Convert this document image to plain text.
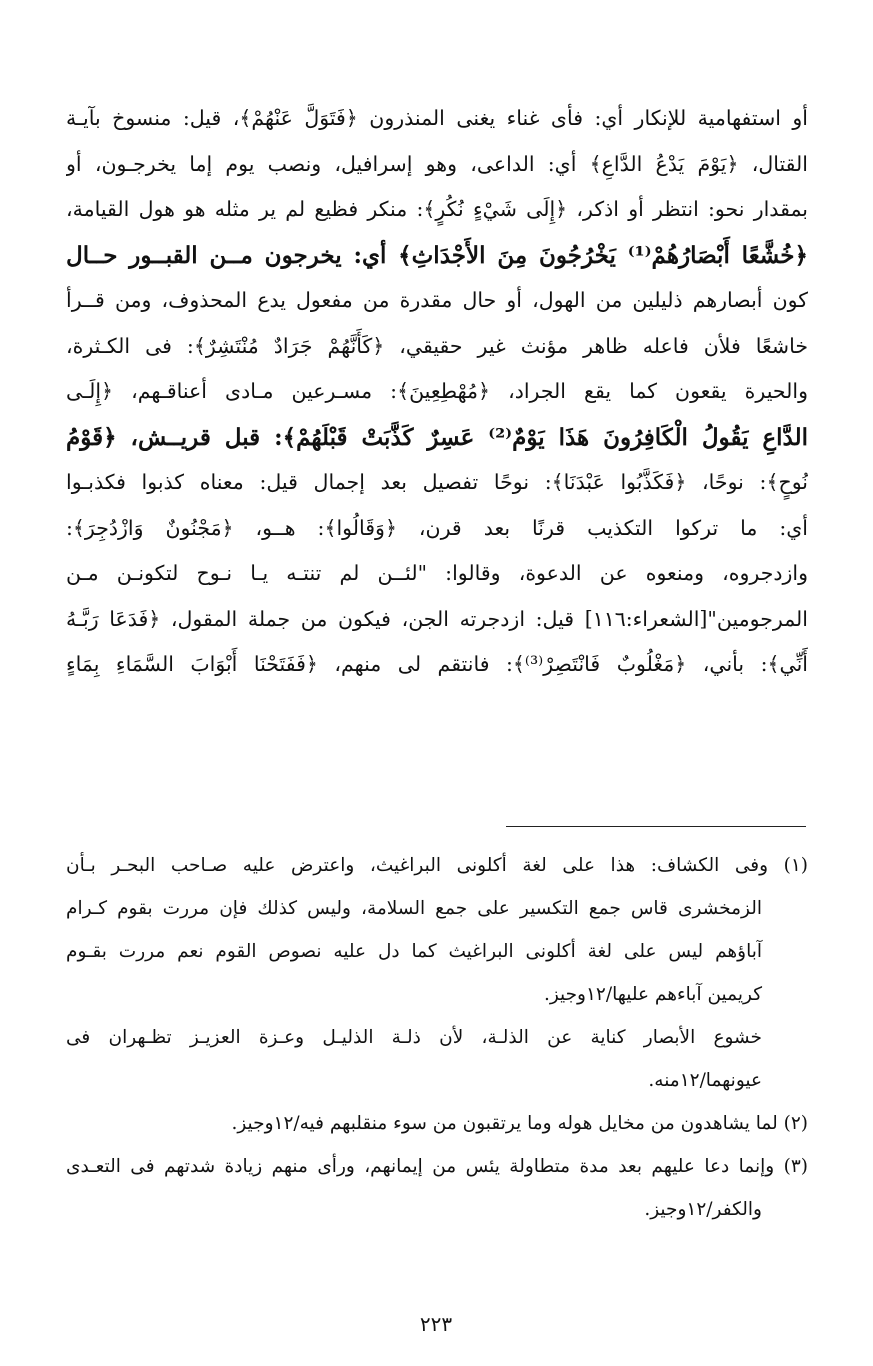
أو استفهامية للإنكار أي: فأى غناء يغنى المنذرون ﴿فَتَوَلَّ عَنْهُمْ﴾، قيل: منسوخ بآيـة
القتال، ﴿يَوْمَ يَدْعُ الدَّاعِ﴾ أي: الداعى، وهو إسرافيل، ونصب يوم إما يخرجـون، أو
بمقدار نحو: انتظر أو اذكر، ﴿إِلَى شَيْءٍ نُكُرٍ﴾: منكر فظيع لم ير مثله هو هول القيامة،
﴿خُشَّعًا أَبْصَارُهُمْ⁽¹⁾ يَخْرُجُونَ مِنَ الأَجْدَاثِ﴾ أي: يخرجون مــن القبــور حــال
كون أبصارهم ذليلين من الهول، أو حال مقدرة من مفعول يدع المحذوف، ومن قــرأ
خاشعًا فلأن فاعله ظاهر مؤنث غير حقيقي، ﴿كَأَنَّهُمْ جَرَادٌ مُنْتَشِرٌ﴾: فى الكـثرة،
والحيرة يقعون كما يقع الجراد، ﴿مُهْطِعِينَ﴾: مسـرعين مـادى أعناقـهم، ﴿إِلَـى
الدَّاعِ يَقُولُ الْكَافِرُونَ هَذَا يَوْمٌ⁽²⁾ عَسِرٌ كَذَّبَتْ قَبْلَهُمْ﴾: قبل قريــش، ﴿قَوْمُ
نُوحٍ﴾: نوحًا، ﴿فَكَذَّبُوا عَبْدَنَا﴾: نوحًا تفصيل بعد إجمال قيل: معناه كذبوا فكذبـوا
أي: ما تركوا التكذيب قرنًا بعد قرن، ﴿وَقَالُوا﴾: هــو، ﴿مَجْنُونٌ وَازْدُجِرَ﴾:
وازدجروه، ومنعوه عن الدعوة، وقالوا: "لئــن لم تنتـه يـا نـوح لتكونـن مـن
المرجومين"[الشعراء:١١٦] قيل: ازدجرته الجن، فيكون من جملة المقول، ﴿فَدَعَا رَبَّـهُ
أَنِّي﴾: بأني، ﴿مَغْلُوبٌ فَانْتَصِرْ⁽³⁾﴾: فانتقم لى منهم، ﴿فَفَتَحْنَا أَبْوَابَ السَّمَاءِ بِمَاءٍ
(١) وفى الكشاف: هذا على لغة أكلونى البراغيث، واعترض عليه صـاحب البحـر بـأن
الزمخشرى قاس جمع التكسير على جمع السلامة، وليس كذلك فإن مررت بقوم كـرام
آباؤهم ليس على لغة أكلونى البراغيث كما دل عليه نصوص القوم نعم مررت بقـوم
كريمين آباءهم عليها/١٢وجيز.
خشوع الأبصار كناية عن الذلـة، لأن ذلـة الذليـل وعـزة العزيـز تظـهران فى
عيونهما/١٢منه.
(٢) لما يشاهدون من مخايل هوله وما يرتقبون من سوء منقلبهم فيه/١٢وجيز.
(٣) وإنما دعا عليهم بعد مدة متطاولة يئس من إيمانهم، ورأى منهم زيادة شدتهم فى التعـدى
والكفر/١٢وجيز.
٢٢٣
